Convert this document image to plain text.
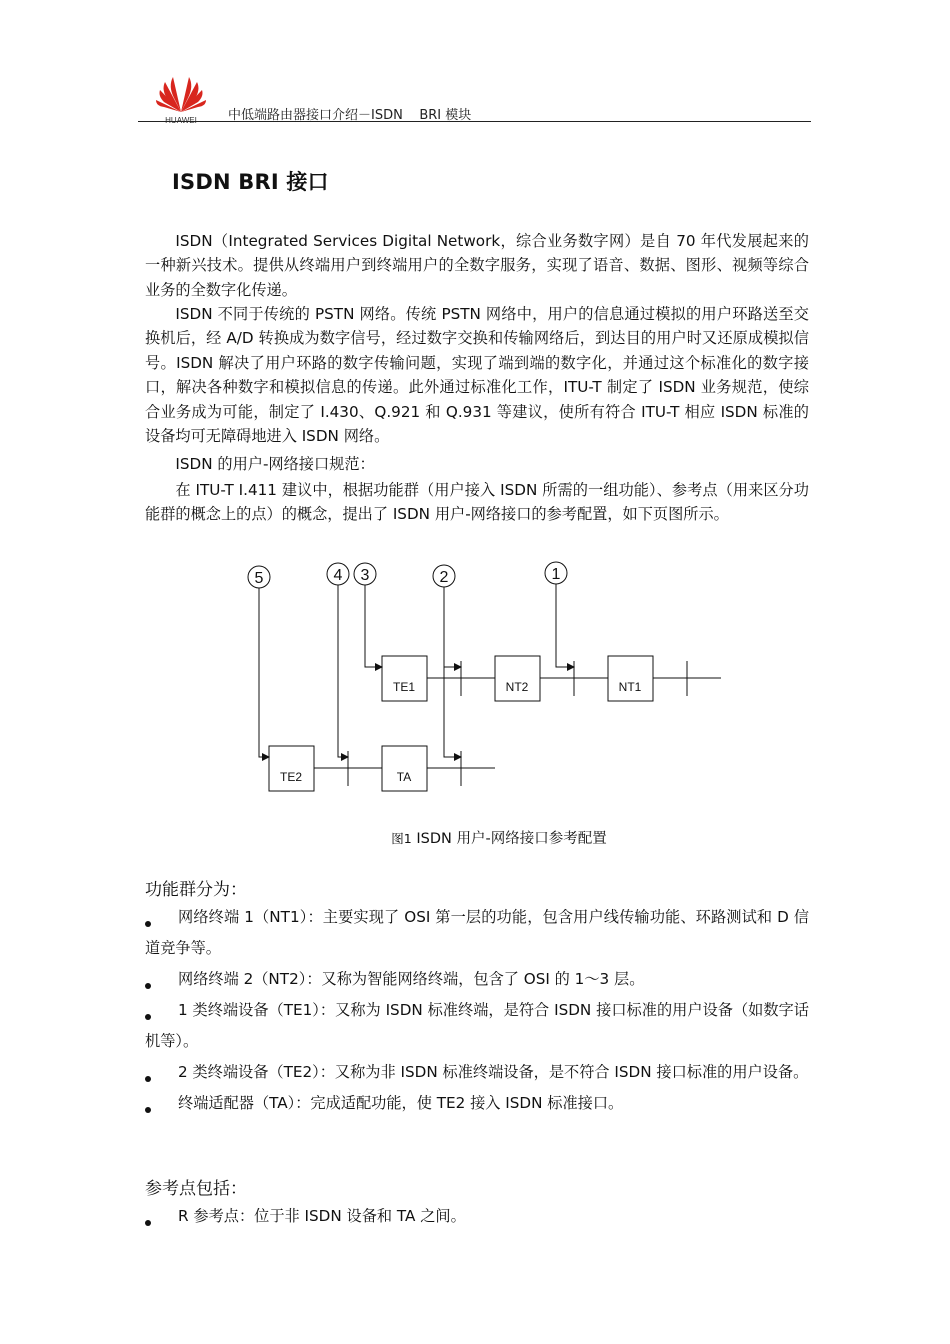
HUAWEI 中低端路由器接口介绍－ISDN    BRI 模块
ISDN BRI 接口

ISDN（Integrated Services Digital Network，综合业务数字网）是自 70 年代发展起来的一种新兴技术。提供从终端用户到终端用户的全数字服务，实现了语音、数据、图形、视频等综合业务的全数字化传递。

ISDN 不同于传统的 PSTN 网络。传统 PSTN 网络中，用户的信息通过模拟的用户环路送至交换机后，经 A/D 转换成为数字信号，经过数字交换和传输网络后，到达目的用户时又还原成模拟信号。ISDN 解决了用户环路的数字传输问题，实现了端到端的数字化，并通过这个标准化的数字接口，解决各种数字和模拟信息的传递。此外通过标准化工作，ITU-T 制定了 ISDN 业务规范，使综合业务成为可能，制定了 I.430、Q.921 和 Q.931 等建议，使所有符合 ITU-T 相应 ISDN 标准的设备均可无障碍地进入 ISDN 网络。

ISDN 的用户-网络接口规范：

在 ITU-T I.411 建议中，根据功能群（用户接入 ISDN 所需的一组功能）、参考点（用来区分功能群的概念上的点）的概念，提出了 ISDN 用户-网络接口的参考配置，如下页图所示。

5	4 3	2	1
TE1	NT2	NT1
TE2	TA
图1 ISDN 用户-网络接口参考配置
功能群分为：
网络终端 1（NT1）：主要实现了 OSI 第一层的功能，包含用户线传输功能、环路测试和 D 信道竞争等。
网络终端 2（NT2）：又称为智能网络终端，包含了 OSI 的 1～3 层。
1 类终端设备（TE1）：又称为 ISDN 标准终端，是符合 ISDN 接口标准的用户设备（如数字话机等）。
2 类终端设备（TE2）：又称为非 ISDN 标准终端设备，是不符合 ISDN 接口标准的用户设备。
终端适配器（TA）：完成适配功能，使 TE2 接入 ISDN 标准接口。
参考点包括：
R 参考点：位于非 ISDN 设备和 TA 之间。
